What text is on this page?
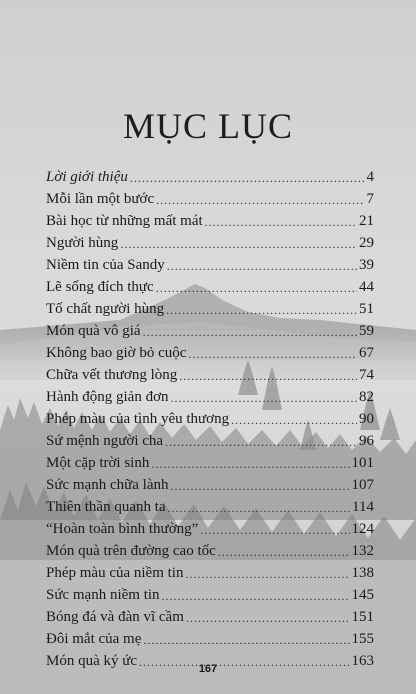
MỤC LỤC
Lời giới thiệu .....	4
Mỗi lần một bước .....	7
Bài học từ những mất mát .....	21
Người hùng .....	29
Niềm tin của Sandy .....	39
Lẽ sống đích thực .....	44
Tố chất người hùng .....	51
Món quà vô giá .....	59
Không bao giờ bỏ cuộc .....	67
Chữa vết thương lòng .....	74
Hành động giản đơn .....	82
Phép màu của tình yêu thương .....	90
Sứ mệnh người cha .....	96
Một cặp trời sinh .....	101
Sức mạnh chữa lành .....	107
Thiên thần quanh ta .....	114
“Hoàn toàn bình thường” .....	124
Món quà trên đường cao tốc .....	132
Phép màu của niềm tin .....	138
Sức mạnh niềm tin .....	145
Bóng đá và đàn vĩ cầm .....	151
Đôi mắt của mẹ .....	155
Món quà ký ức .....	163
167
